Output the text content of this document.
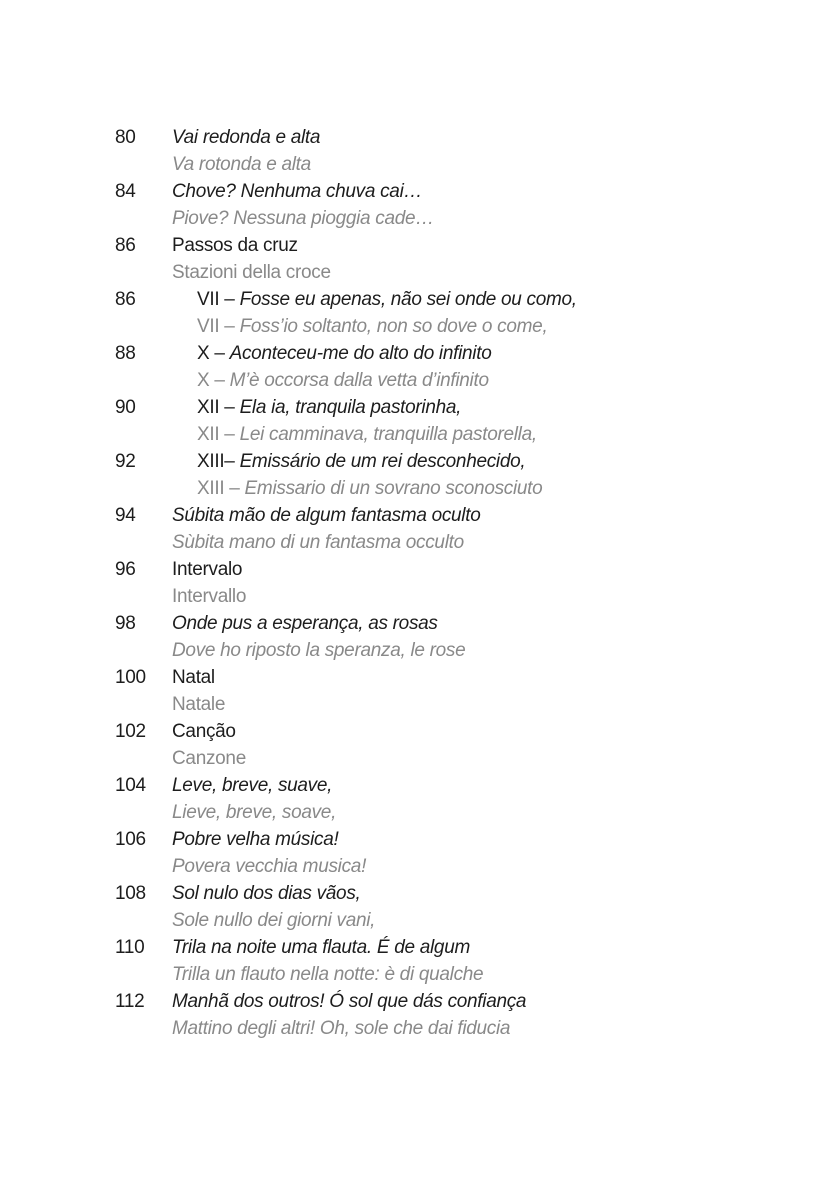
80	Vai redonda e alta
Va rotonda e alta
84	Chove? Nenhuma chuva cai…
Piove? Nessuna pioggia cade…
86	Passos da cruz
Stazioni della croce
86	VII – Fosse eu apenas, não sei onde ou como,
VII – Foss’io soltanto, non so dove o come,
88	X – Aconteceu-me do alto do infinito
X – M’è occorsa dalla vetta d’infinito
90	XII – Ela ia, tranquila pastorinha,
XII – Lei camminava, tranquilla pastorella,
92	XIII– Emissário de um rei desconhecido,
XIII – Emissario di un sovrano sconosciuto
94	Súbita mão de algum fantasma oculto
Sùbita mano di un fantasma occulto
96	Intervalo
Intervallo
98	Onde pus a esperança, as rosas
Dove ho riposto la speranza, le rose
100	Natal
Natale
102	Canção
Canzone
104	Leve, breve, suave,
Lieve, breve, soave,
106	Pobre velha música!
Povera vecchia musica!
108	Sol nulo dos dias vãos,
Sole nullo dei giorni vani,
110	Trila na noite uma flauta. É de algum
Trilla un flauto nella notte: è di qualche
112	Manhã dos outros! Ó sol que dás confiança
Mattino degli altri! Oh, sole che dai fiducia
